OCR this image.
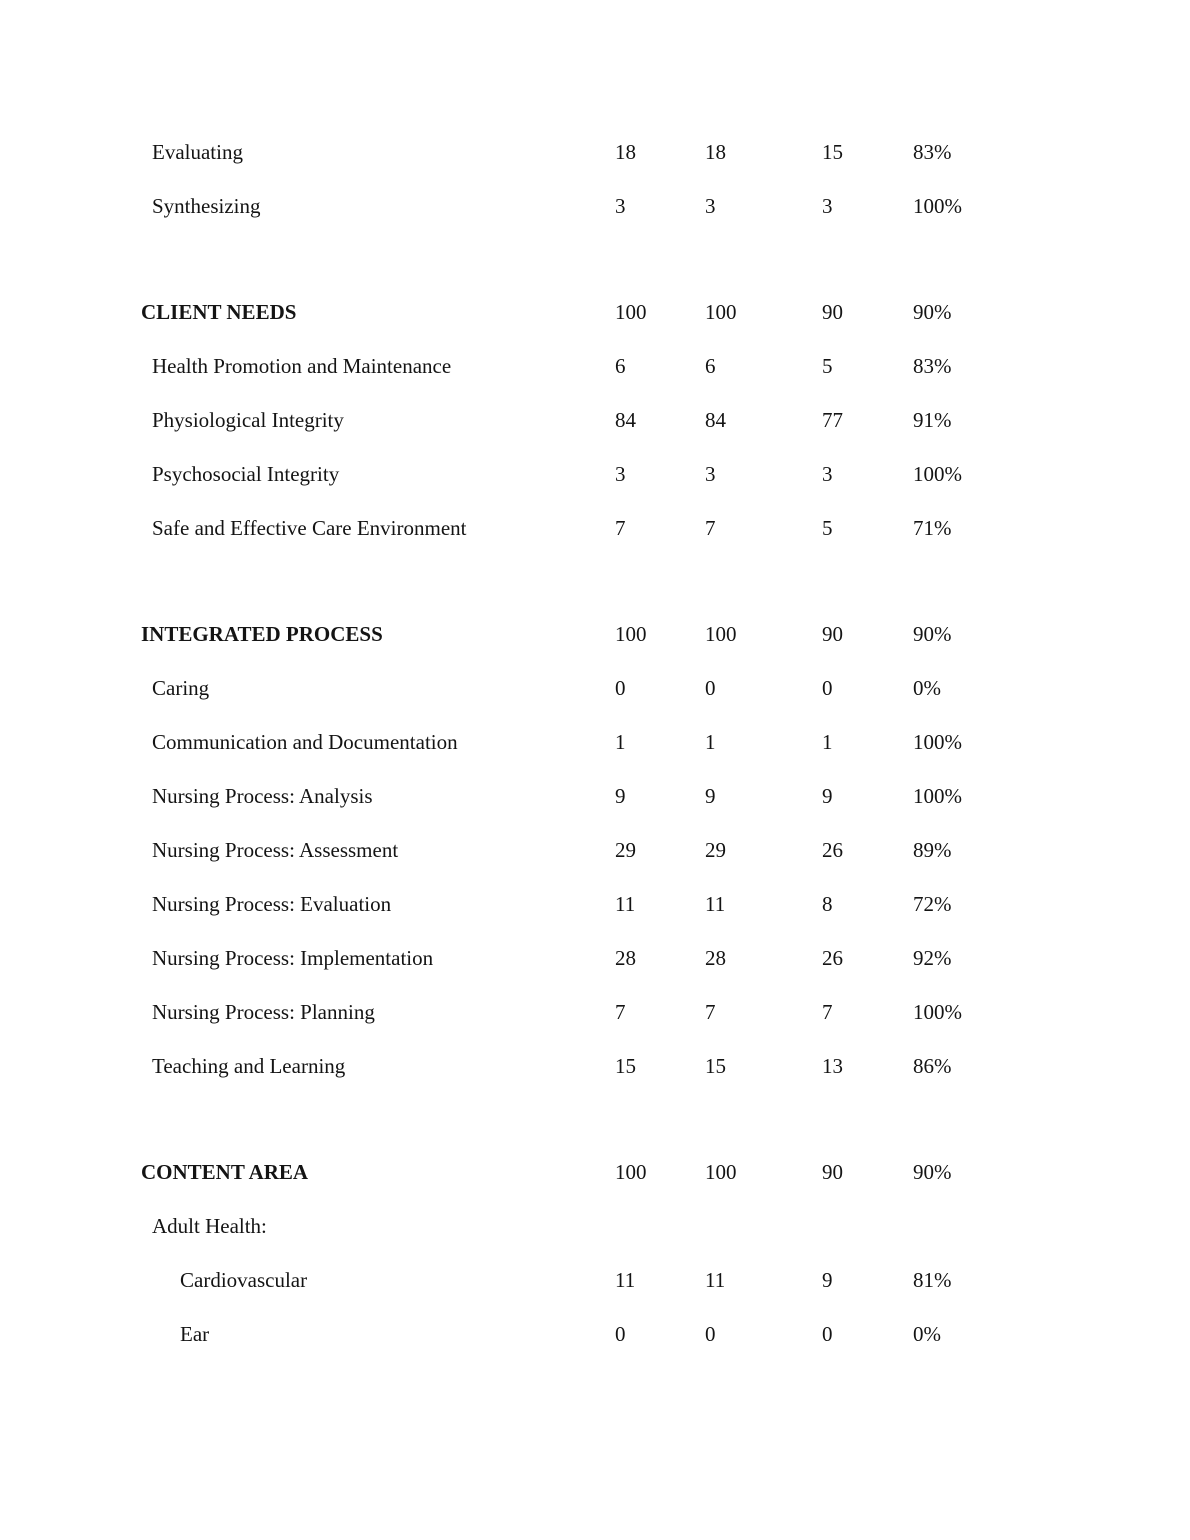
Evaluating	18	18	15	83%
Synthesizing	3	3	3	100%
CLIENT NEEDS	100	100	90	90%
Health Promotion and Maintenance	6	6	5	83%
Physiological Integrity	84	84	77	91%
Psychosocial Integrity	3	3	3	100%
Safe and Effective Care Environment	7	7	5	71%
INTEGRATED PROCESS	100	100	90	90%
Caring	0	0	0	0%
Communication and Documentation	1	1	1	100%
Nursing Process: Analysis	9	9	9	100%
Nursing Process: Assessment	29	29	26	89%
Nursing Process: Evaluation	11	11	8	72%
Nursing Process: Implementation	28	28	26	92%
Nursing Process: Planning	7	7	7	100%
Teaching and Learning	15	15	13	86%
CONTENT AREA	100	100	90	90%
Adult Health:
Cardiovascular	11	11	9	81%
Ear	0	0	0	0%
